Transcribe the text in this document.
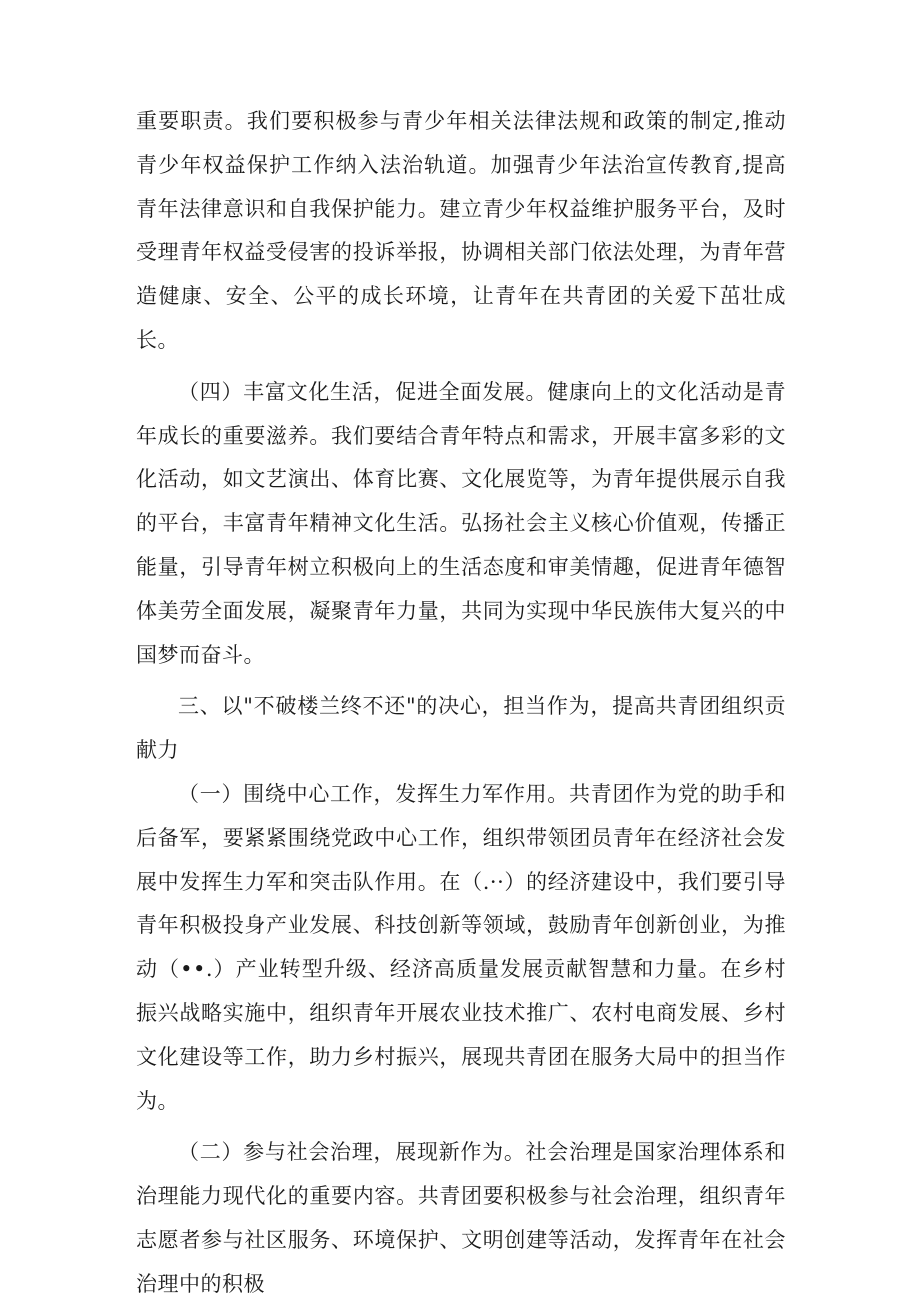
重要职责。我们要积极参与青少年相关法律法规和政策的制定,推动青少年权益保护工作纳入法治轨道。加强青少年法治宣传教育,提高青年法律意识和自我保护能力。建立青少年权益维护服务平台，及时受理青年权益受侵害的投诉举报，协调相关部门依法处理，为青年营造健康、安全、公平的成长环境，让青年在共青团的关爱下茁壮成长。

（四）丰富文化生活，促进全面发展。健康向上的文化活动是青年成长的重要滋养。我们要结合青年特点和需求，开展丰富多彩的文化活动，如文艺演出、体育比赛、文化展览等，为青年提供展示自我的平台，丰富青年精神文化生活。弘扬社会主义核心价值观，传播正能量，引导青年树立积极向上的生活态度和审美情趣，促进青年德智体美劳全面发展，凝聚青年力量，共同为实现中华民族伟大复兴的中国梦而奋斗。

三、以"不破楼兰终不还"的决心，担当作为，提高共青团组织贡献力

（一）围绕中心工作，发挥生力军作用。共青团作为党的助手和后备军，要紧紧围绕党政中心工作，组织带领团员青年在经济社会发展中发挥生力军和突击队作用。在（.··）的经济建设中，我们要引导青年积极投身产业发展、科技创新等领域，鼓励青年创新创业，为推动（••.）产业转型升级、经济高质量发展贡献智慧和力量。在乡村振兴战略实施中，组织青年开展农业技术推广、农村电商发展、乡村文化建设等工作，助力乡村振兴，展现共青团在服务大局中的担当作为。

（二）参与社会治理，展现新作为。社会治理是国家治理体系和治理能力现代化的重要内容。共青团要积极参与社会治理，组织青年志愿者参与社区服务、环境保护、文明创建等活动，发挥青年在社会治理中的积极
